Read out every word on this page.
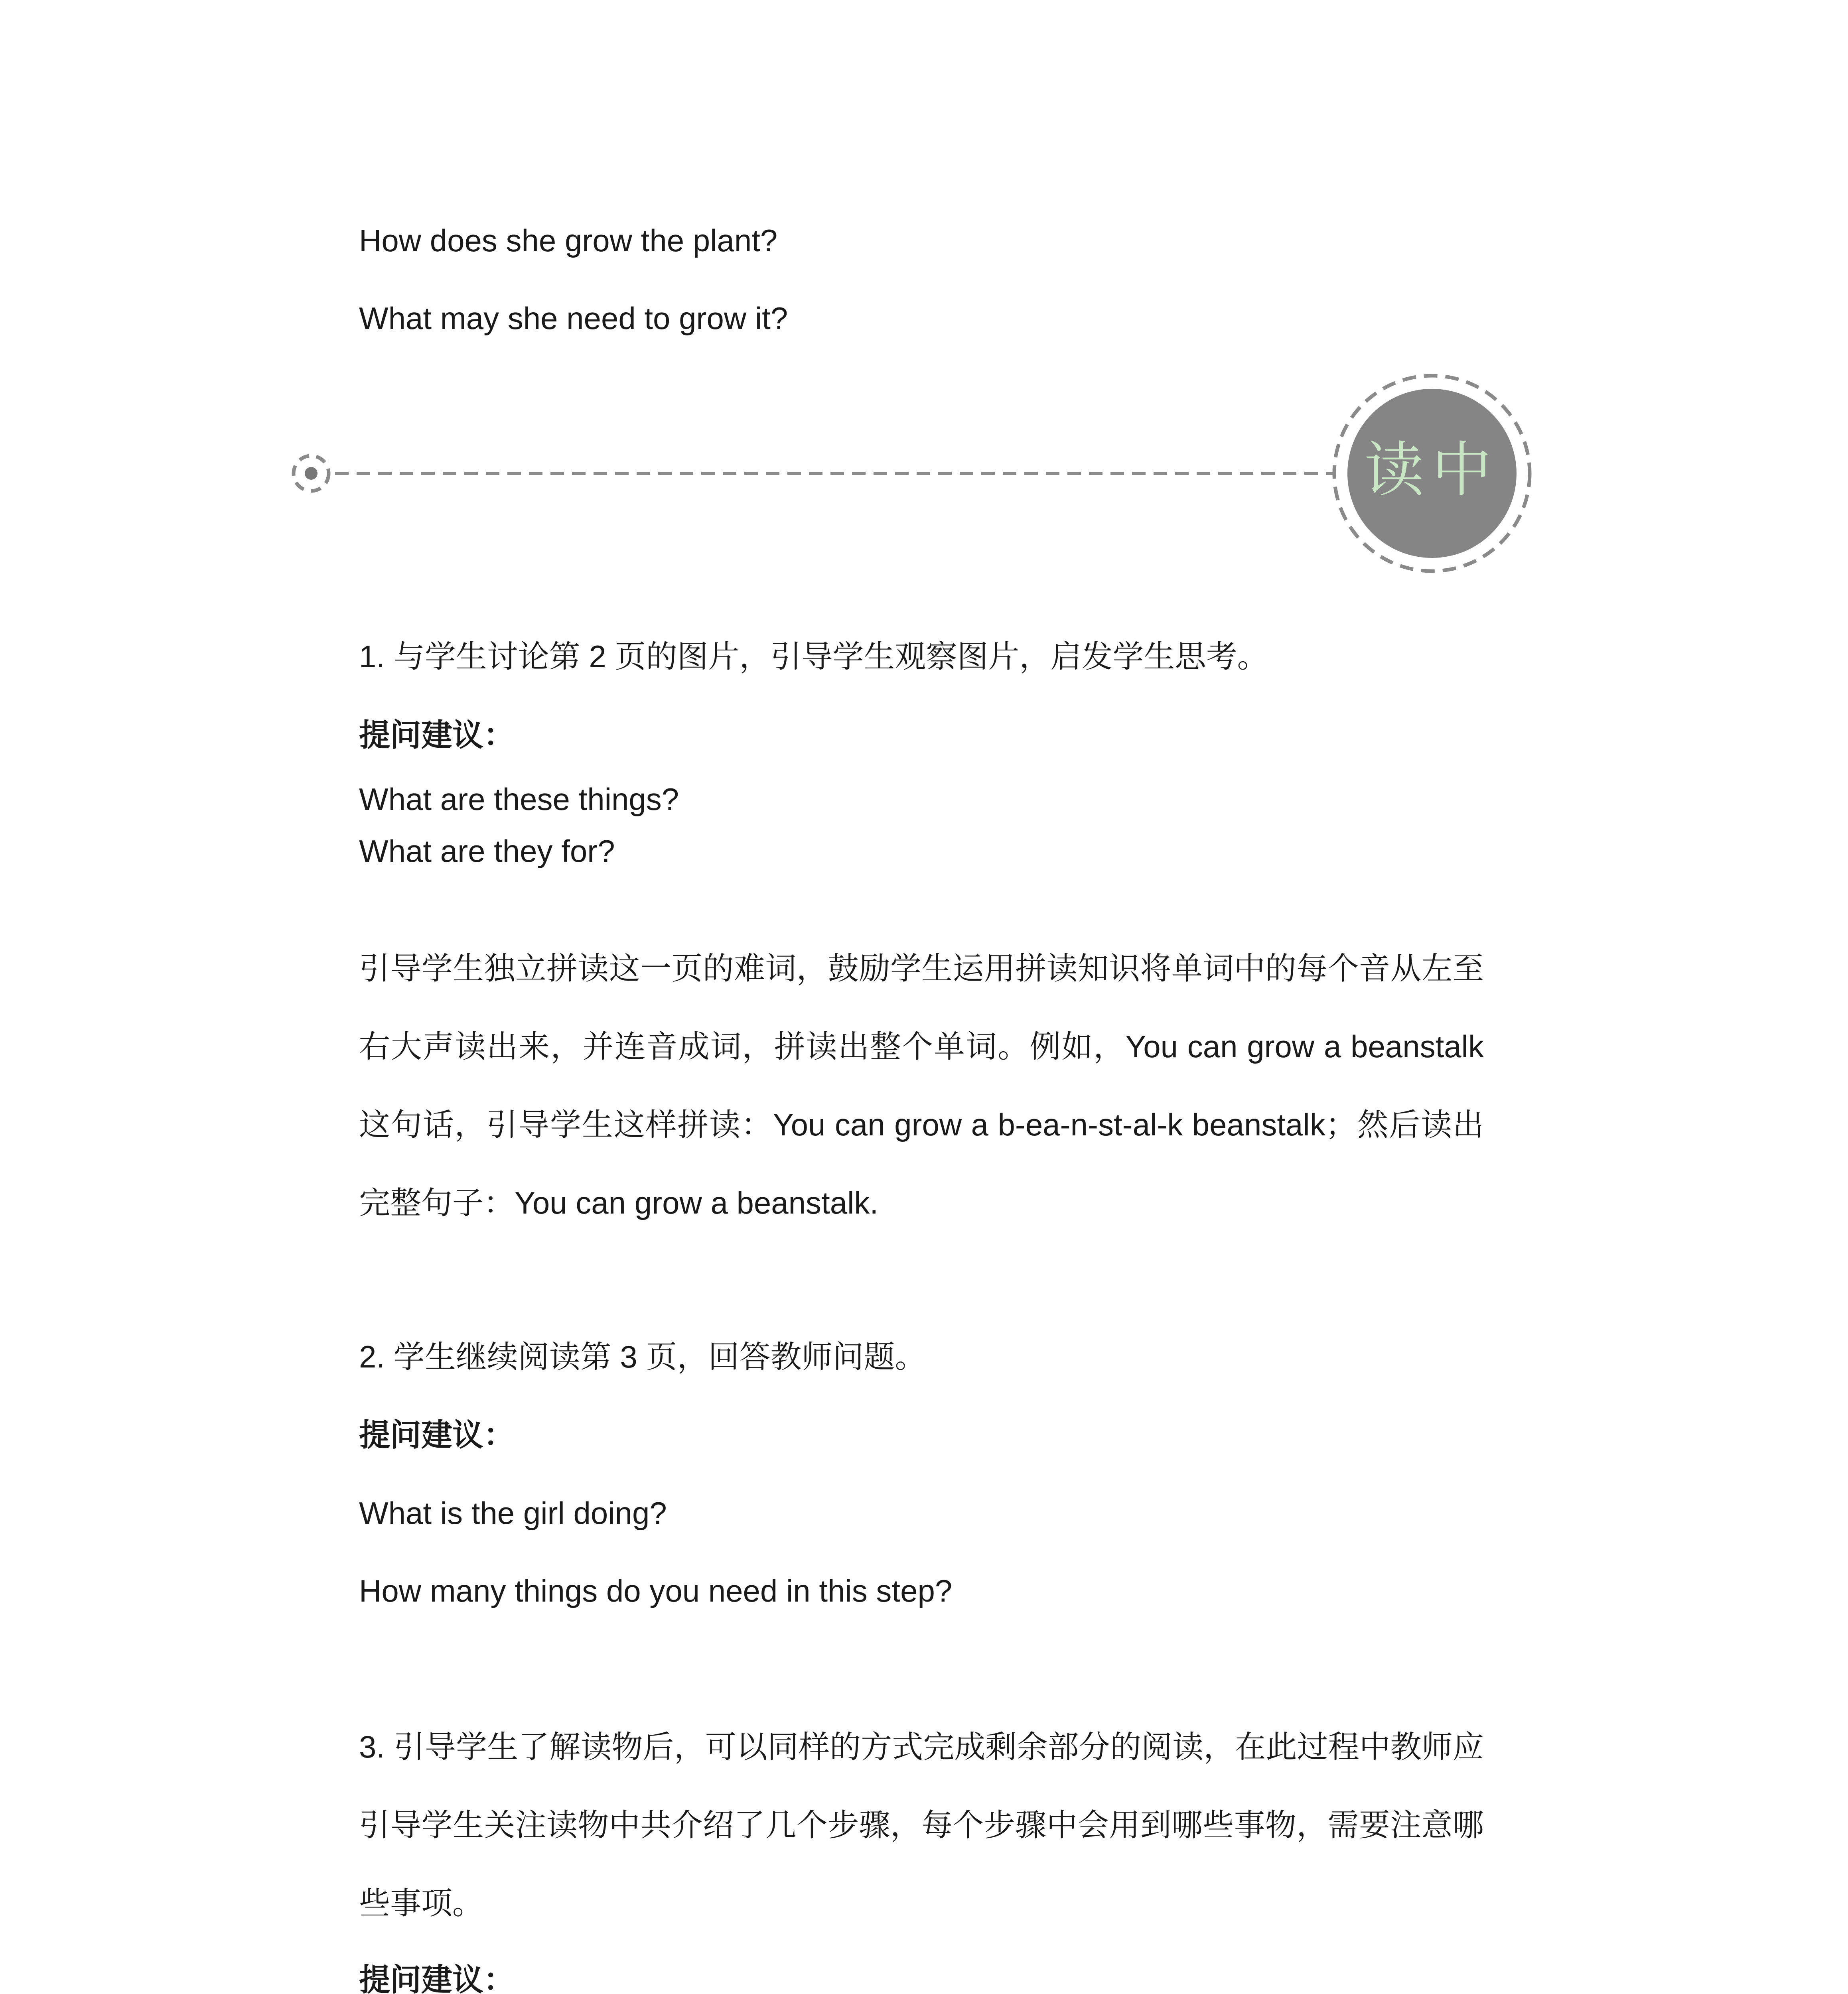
How does she grow the plant?

What may she need to grow it?

读中

1. 与学生讨论第 2 页的图片，引导学生观察图片，启发学生思考。

提问建议：

What are these things?

What are they for?

引导学生独立拼读这一页的难词，鼓励学生运用拼读知识将单词中的每个音从左至右大声读出来，并连音成词，拼读出整个单词。例如，You can grow a beanstalk 这句话，引导学生这样拼读：You can grow a b-ea-n-st-al-k beanstalk；然后读出完整句子：You can grow a beanstalk.

2. 学生继续阅读第 3 页，回答教师问题。

提问建议：

What is the girl doing?

How many things do you need in this step?

3. 引导学生了解读物后，可以同样的方式完成剩余部分的阅读，在此过程中教师应引导学生关注读物中共介绍了几个步骤，每个步骤中会用到哪些事物，需要注意哪些事项。

提问建议：
